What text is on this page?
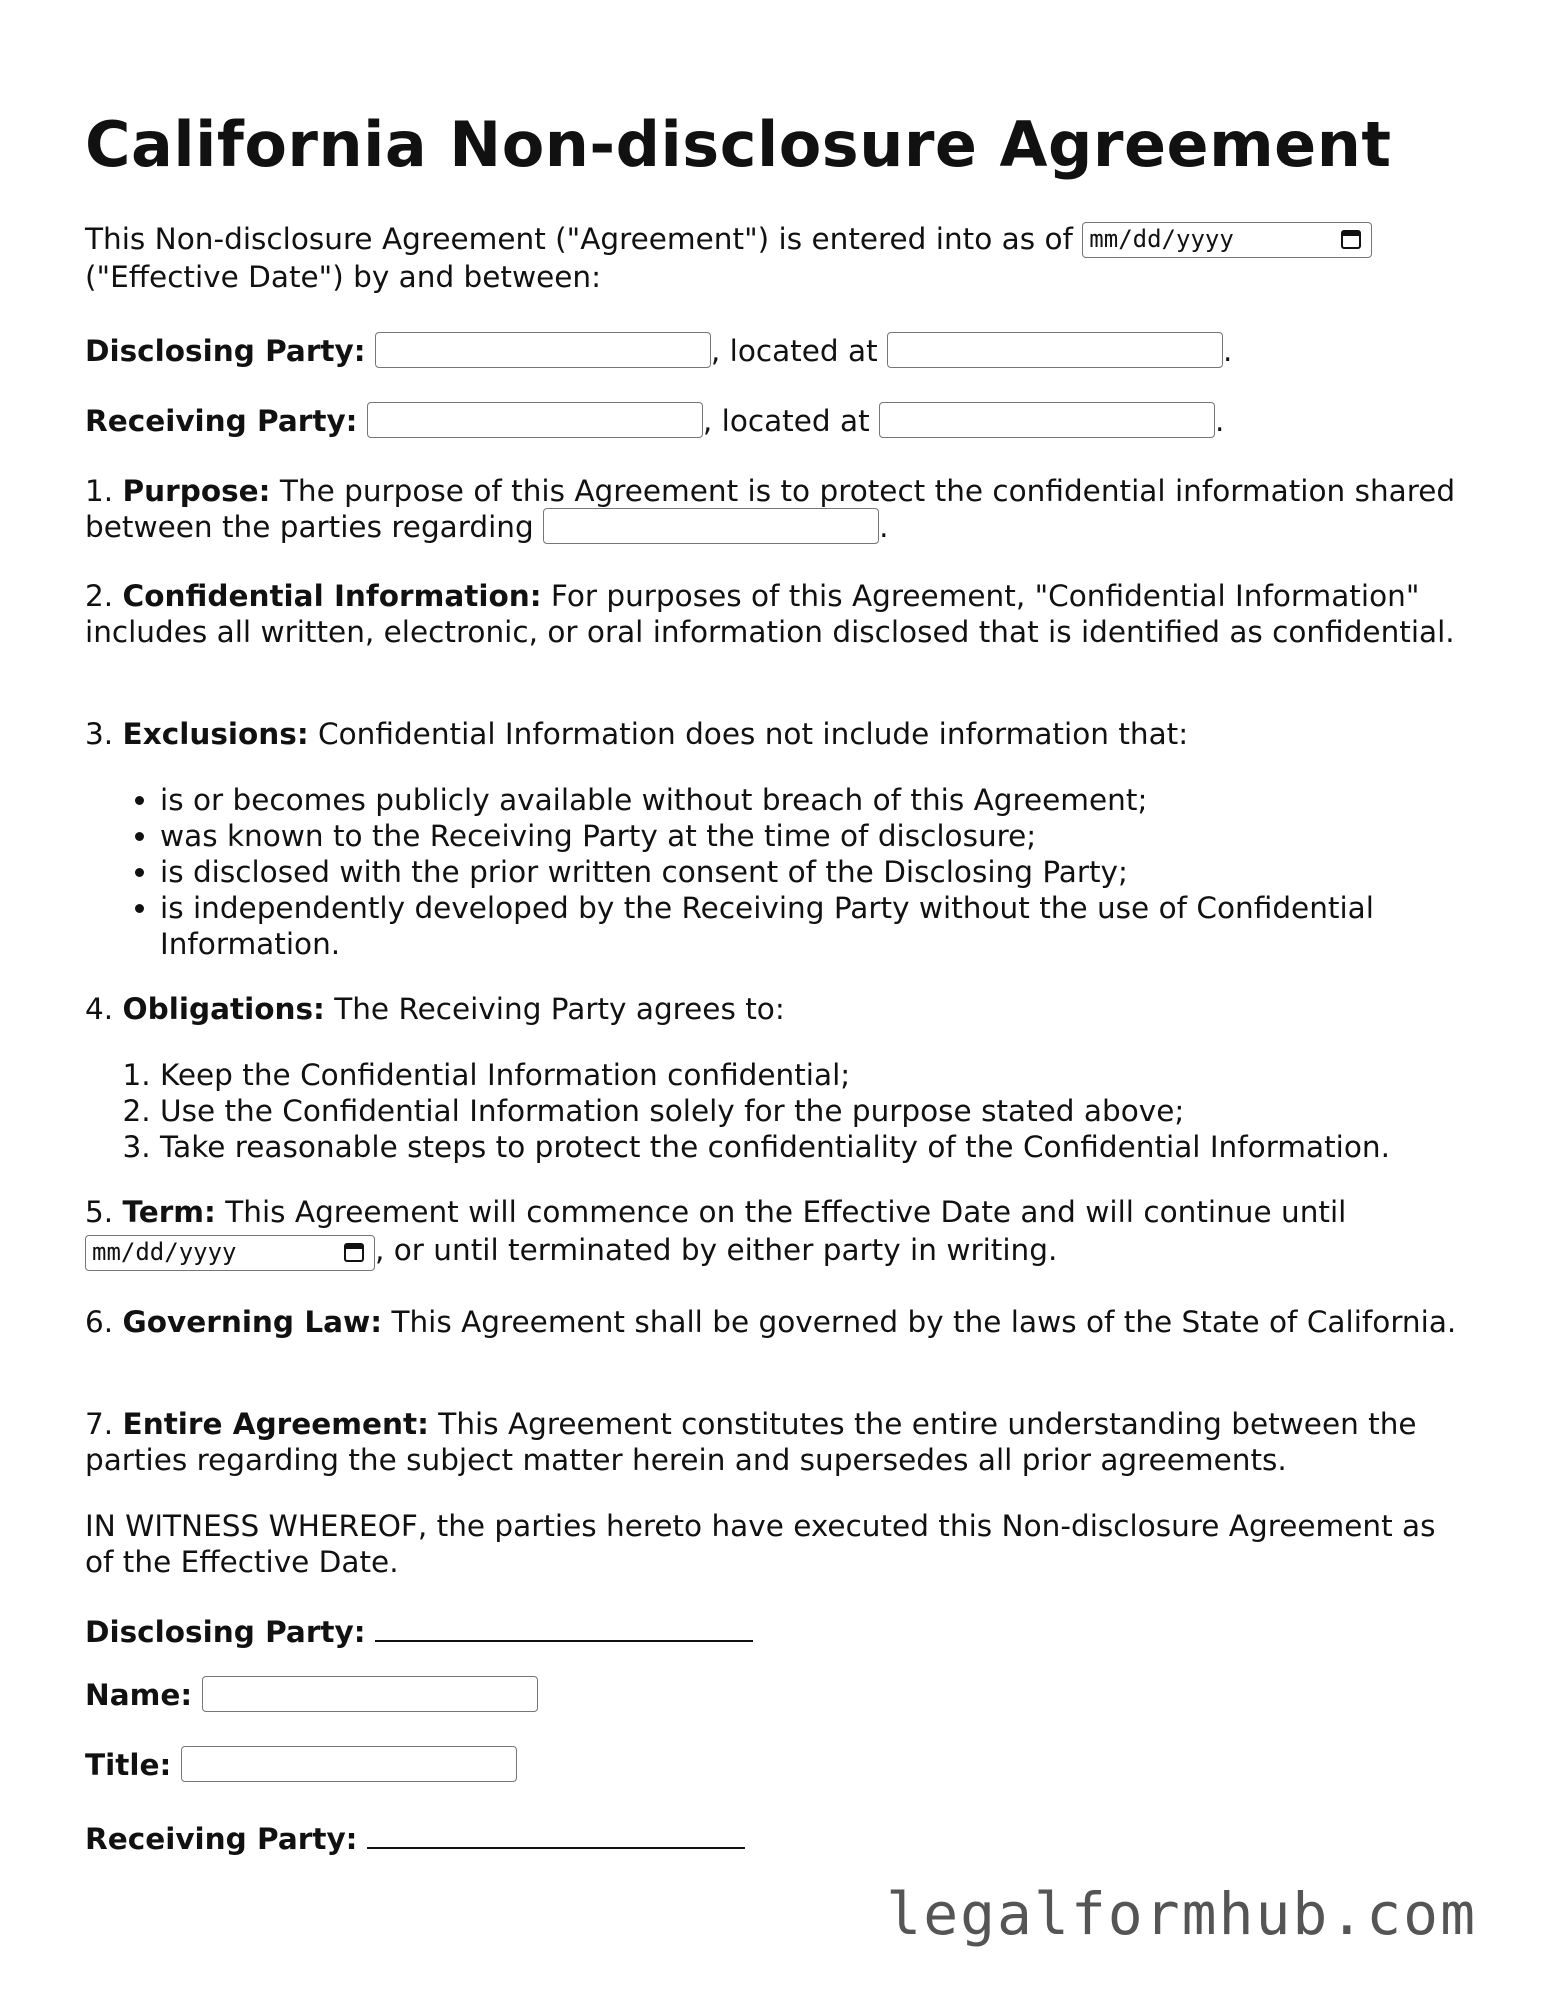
California Non-disclosure Agreement
This Non-disclosure Agreement ("Agreement") is entered into as of mm/dd/yyyy

("Effective Date") by and between:
Disclosing Party:	, located at	.
Receiving Party:	, located at	.
1. Purpose: The purpose of this Agreement is to protect the confidential information shared between the parties regarding	.
2. Confidential Information: For purposes of this Agreement, "Confidential Information" includes all written, electronic, or oral information disclosed that is identified as confidential.
3. Exclusions: Confidential Information does not include information that:
• is or becomes publicly available without breach of this Agreement;
• was known to the Receiving Party at the time of disclosure;
• is disclosed with the prior written consent of the Disclosing Party;
• is independently developed by the Receiving Party without the use of Confidential Information.
4. Obligations: The Receiving Party agrees to:
1. Keep the Confidential Information confidential;
2. Use the Confidential Information solely for the purpose stated above;
3. Take reasonable steps to protect the confidentiality of the Confidential Information.
5. Term: This Agreement will commence on the Effective Date and will continue until
mm/dd/yyyy	, or until terminated by either party in writing.
6. Governing Law: This Agreement shall be governed by the laws of the State of California.
7. Entire Agreement: This Agreement constitutes the entire understanding between the parties regarding the subject matter herein and supersedes all prior agreements.
IN WITNESS WHEREOF, the parties hereto have executed this Non-disclosure Agreement as of the Effective Date.
Disclosing Party:
Name:
Title:
Receiving Party:
legalformhub.com
